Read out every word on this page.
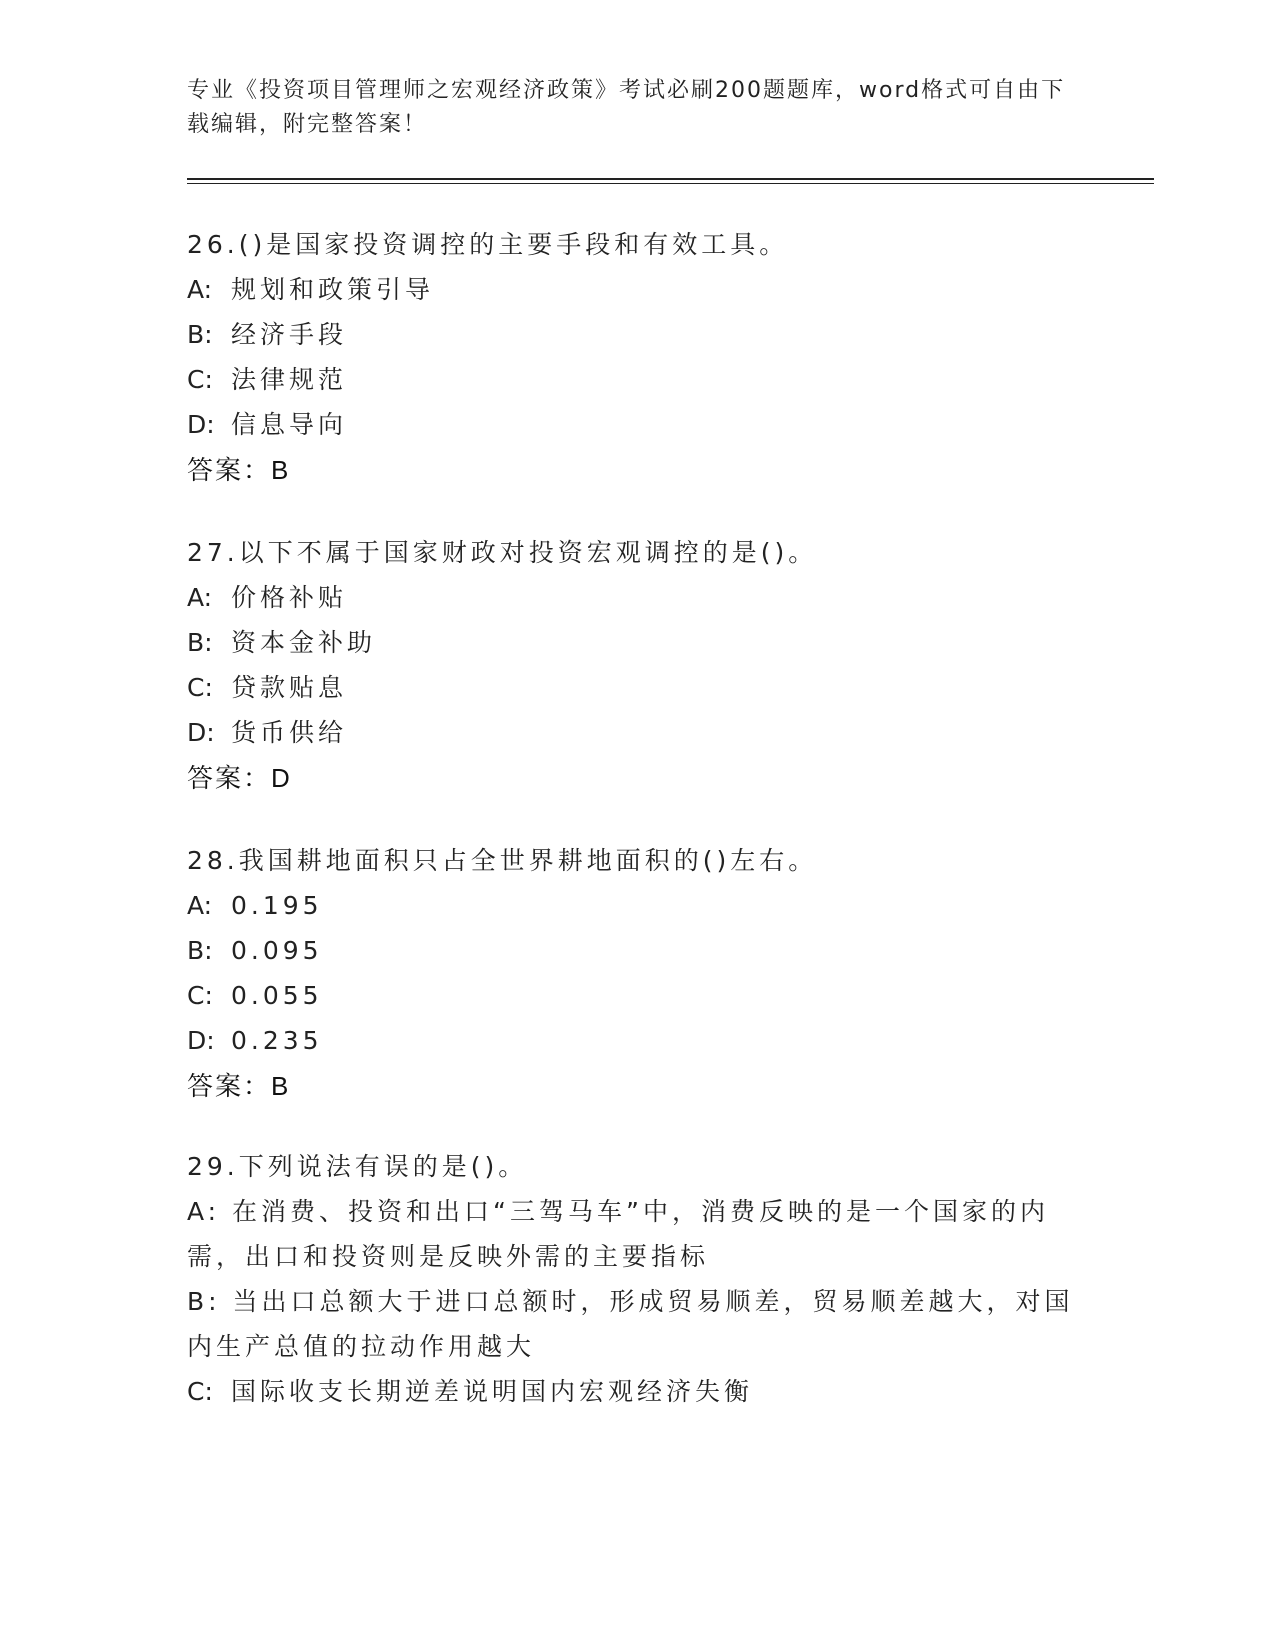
专业《投资项目管理师之宏观经济政策》考试必刷200题题库，word格式可自由下载编辑，附完整答案！
26.()是国家投资调控的主要手段和有效工具。
A: 规划和政策引导
B: 经济手段
C: 法律规范
D: 信息导向
答案：B
27.以下不属于国家财政对投资宏观调控的是()。
A: 价格补贴
B: 资本金补助
C: 贷款贴息
D: 货币供给
答案：D
28.我国耕地面积只占全世界耕地面积的()左右。
A: 0.195
B: 0.095
C: 0.055
D: 0.235
答案：B
29.下列说法有误的是()。
A: 在消费、投资和出口“三驾马车”中，消费反映的是一个国家的内需，出口和投资则是反映外需的主要指标
B: 当出口总额大于进口总额时，形成贸易顺差，贸易顺差越大，对国内生产总值的拉动作用越大
C: 国际收支长期逆差说明国内宏观经济失衡
